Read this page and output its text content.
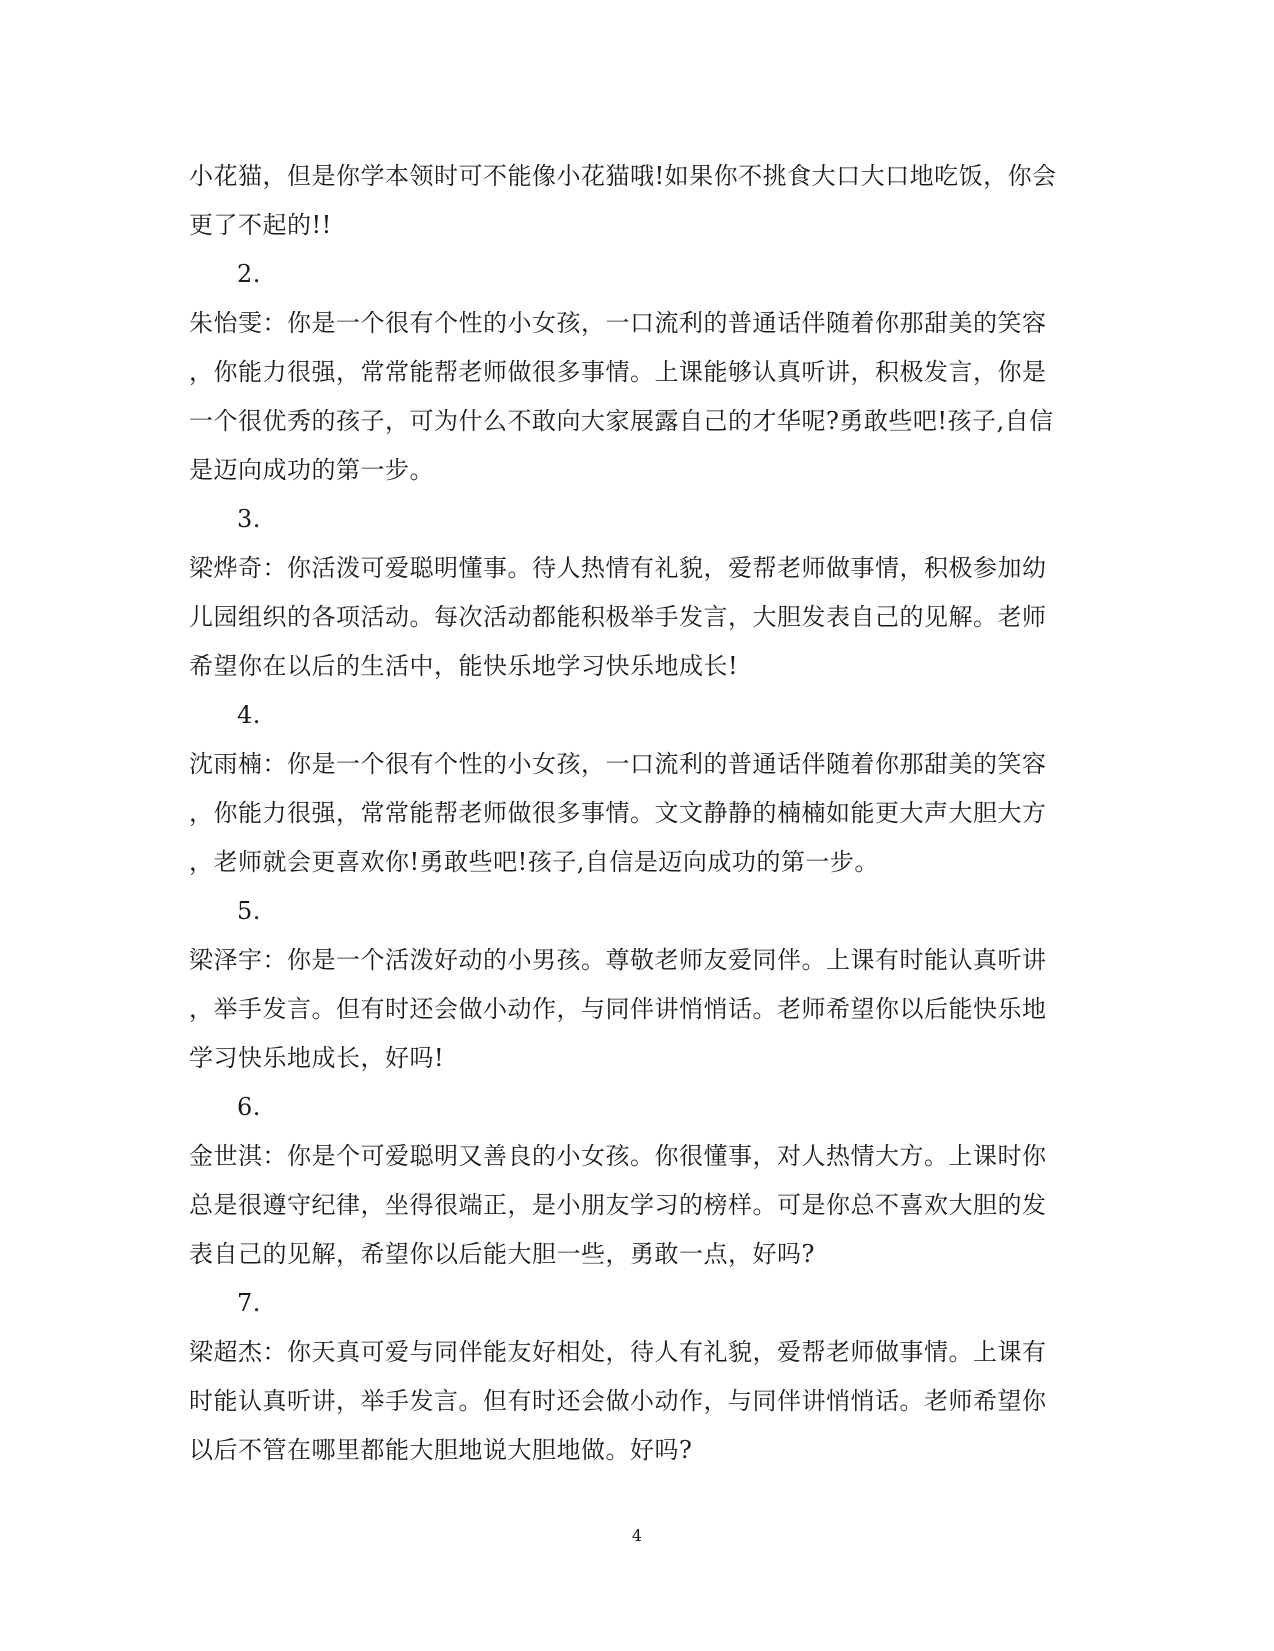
小花猫，但是你学本领时可不能像小花猫哦!如果你不挑食大口大口地吃饭，你会
更了不起的!!
2.
朱怡雯：你是一个很有个性的小女孩，一口流利的普通话伴随着你那甜美的笑容
，你能力很强，常常能帮老师做很多事情。上课能够认真听讲，积极发言，你是
一个很优秀的孩子，可为什么不敢向大家展露自己的才华呢?勇敢些吧!孩子,自信
是迈向成功的第一步。
3.
梁烨奇：你活泼可爱聪明懂事。待人热情有礼貌，爱帮老师做事情，积极参加幼
儿园组织的各项活动。每次活动都能积极举手发言，大胆发表自己的见解。老师
希望你在以后的生活中，能快乐地学习快乐地成长!
4.
沈雨楠：你是一个很有个性的小女孩，一口流利的普通话伴随着你那甜美的笑容
，你能力很强，常常能帮老师做很多事情。文文静静的楠楠如能更大声大胆大方
，老师就会更喜欢你!勇敢些吧!孩子,自信是迈向成功的第一步。
5.
梁泽宇：你是一个活泼好动的小男孩。尊敬老师友爱同伴。上课有时能认真听讲
，举手发言。但有时还会做小动作，与同伴讲悄悄话。老师希望你以后能快乐地
学习快乐地成长，好吗!
6.
金世淇：你是个可爱聪明又善良的小女孩。你很懂事，对人热情大方。上课时你
总是很遵守纪律，坐得很端正，是小朋友学习的榜样。可是你总不喜欢大胆的发
表自己的见解，希望你以后能大胆一些，勇敢一点，好吗?
7.
梁超杰：你天真可爱与同伴能友好相处，待人有礼貌，爱帮老师做事情。上课有
时能认真听讲，举手发言。但有时还会做小动作，与同伴讲悄悄话。老师希望你
以后不管在哪里都能大胆地说大胆地做。好吗?
4
